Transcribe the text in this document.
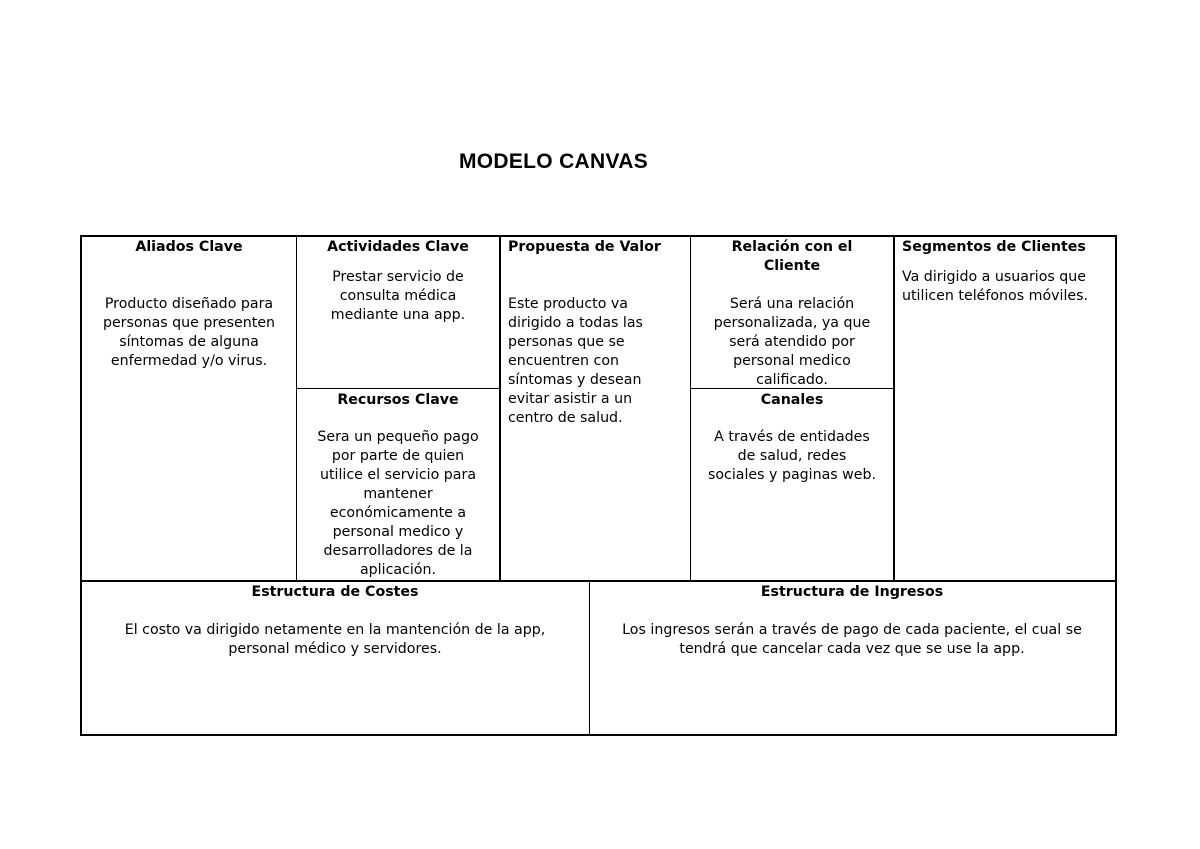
MODELO CANVAS
Aliados Clave
Producto diseñado para
personas que presenten
síntomas de alguna
enfermedad y/o virus.
Actividades Clave
Prestar servicio de
consulta médica
mediante una app.
Recursos Clave
Sera un pequeño pago
por parte de quien
utilice el servicio para
mantener
económicamente a
personal medico y
desarrolladores de la
aplicación.
Propuesta de Valor
Este producto va
dirigido a todas las
personas que se
encuentren con
síntomas y desean
evitar asistir a un
centro de salud.
Relación con el
Cliente
Será una relación
personalizada, ya que
será atendido por
personal medico
calificado.
Canales
A través de entidades
de salud, redes
sociales y paginas web.
Segmentos de Clientes
Va dirigido a usuarios que
utilicen teléfonos móviles.
Estructura de Costes
El costo va dirigido netamente en la mantención de la app,
personal médico y servidores.
Estructura de Ingresos
Los ingresos serán a través de pago de cada paciente, el cual se
tendrá que cancelar cada vez que se use la app.
